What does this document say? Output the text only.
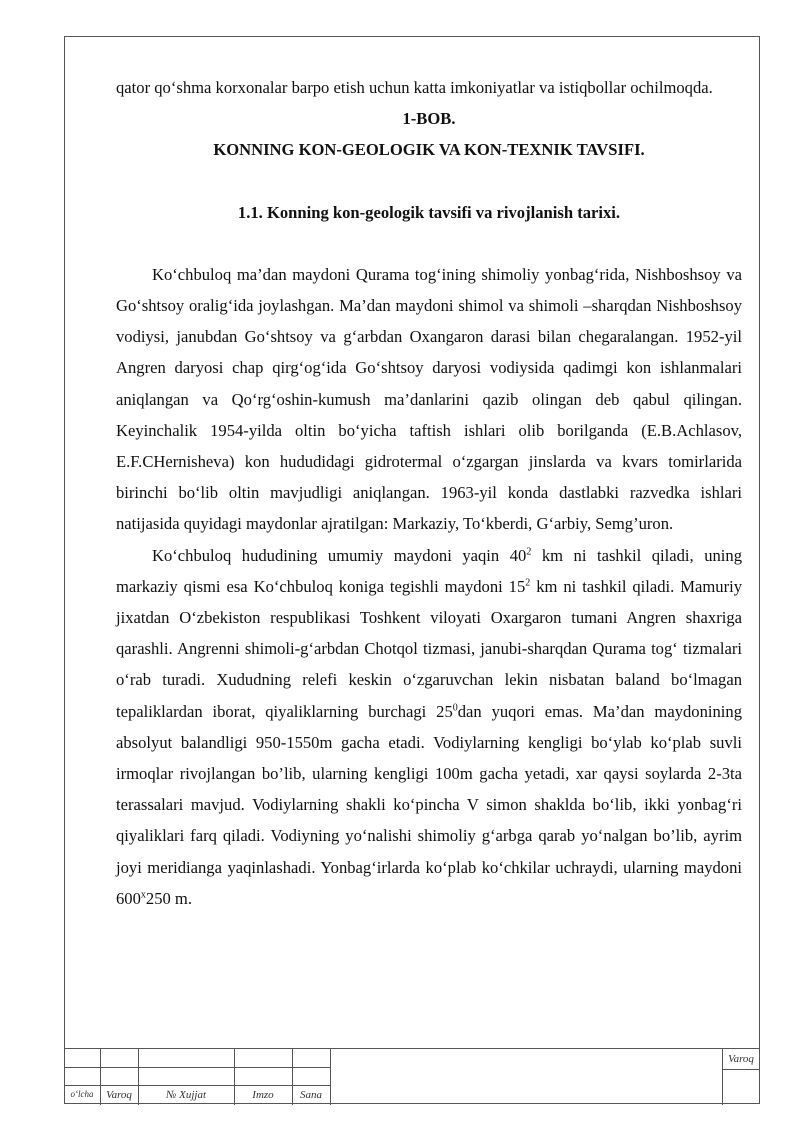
qator qo‘shma korxonalar barpo etish uchun katta imkoniyatlar va istiqbollar ochilmoqda.

1-BOB.

KONNING KON-GEOLOGIK VA KON-TEXNIK TAVSIFI.

1.1. Konning kon-geologik tavsifi va rivojlanish tarixi.

Ko‘chbuloq ma’dan maydoni Qurama tog‘ining shimoliy yonbag‘rida, Nishboshsoy va Go‘shtsoy oralig‘ida joylashgan. Ma’dan maydoni shimol va shimoli –sharqdan Nishboshsoy vodiysi, janubdan Go‘shtsoy va g‘arbdan Oxangaron darasi bilan chegaralangan. 1952-yil Angren daryosi chap qirg‘og‘ida Go‘shtsoy daryosi vodiysida qadimgi kon ishlanmalari aniqlangan va Qo‘rg‘oshin-kumush ma’danlarini qazib olingan deb qabul qilingan. Keyinchalik 1954-yilda oltin bo‘yicha taftish ishlari olib borilganda (E.B.Achlasov, E.F.CHernisheva) kon hududidagi gidrotermal o‘zgargan jinslarda va kvars tomirlarida birinchi bo‘lib oltin mavjudligi aniqlangan. 1963-yil konda dastlabki razvedka ishlari natijasida quyidagi maydonlar ajratilgan: Markaziy, To‘kberdi, G‘arbiy, Semg’uron.

Ko‘chbuloq hududining umumiy maydoni yaqin $40^2$ km ni tashkil qiladi, uning markaziy qismi esa Ko‘chbuloq koniga tegishli maydoni $15^2$ km ni tashkil qiladi. Mamuriy jixatdan O‘zbekiston respublikasi Toshkent viloyati Oxargaron tumani Angren shaxriga qarashli. Angrenni shimoli-g‘arbdan Chotqol tizmasi, janubi-sharqdan Qurama tog‘ tizmalari o‘rab turadi. Xududning relefi keskin o‘zgaruvchan lekin nisbatan baland bo‘lmagan tepaliklardan iborat, qiyaliklarning burchagi $25^0dan$ yuqori emas. Ma’dan maydonining absolyut balandligi 950-1550m gacha etadi. Vodiylarning kengligi bo‘ylab ko‘plab suvli irmoqlar rivojlangan bo’lib, ularning kengligi 100m gacha yetadi, xar qaysi soylarda 2-3ta terassalari mavjud. Vodiylarning shakli ko‘pincha V simon shaklda bo‘lib, ikki yonbag‘ri qiyaliklari farq qiladi. Vodiyning yo‘nalishi shimoliy g‘arbga qarab yo‘nalgan bo’lib, ayrim joyi meridianga yaqinlashadi. Yonbag‘irlarda ko‘plab ko‘chkilar uchraydi, ularning maydoni 600$^x$250 m.

o‘lchа	Varoq	№ Xujjat	Imzo	Sana
Varoq
